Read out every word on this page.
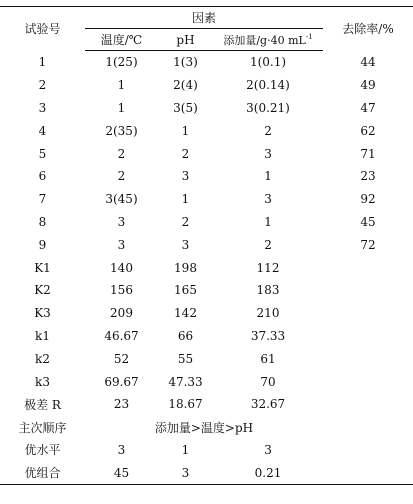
试验号	因素			去除率/%
	温度/℃	pH	添加量/g·40 $mL^{-1}$
1	1(25)	1(3)	1(0.1)	44
2	1	2(4)	2(0.14)	49
3	1	3(5)	3(0.21)	47
4	2(35)	1	2	62
5	2	2	3	71
6	2	3	1	23
7	3(45)	1	3	92
8	3	2	1	45
9	3	3	2	72
K1	140	198	112	
K2	156	165	183	
K3	209	142	210	
k1	46.67	66	37.33	
k2	52	55	61	
k3	69.67	47.33	70	
极差 R	23	18.67	32.67	
主次顺序	添加量>温度>pH			
优水平	3	1	3	
优组合	45	3	0.21	
